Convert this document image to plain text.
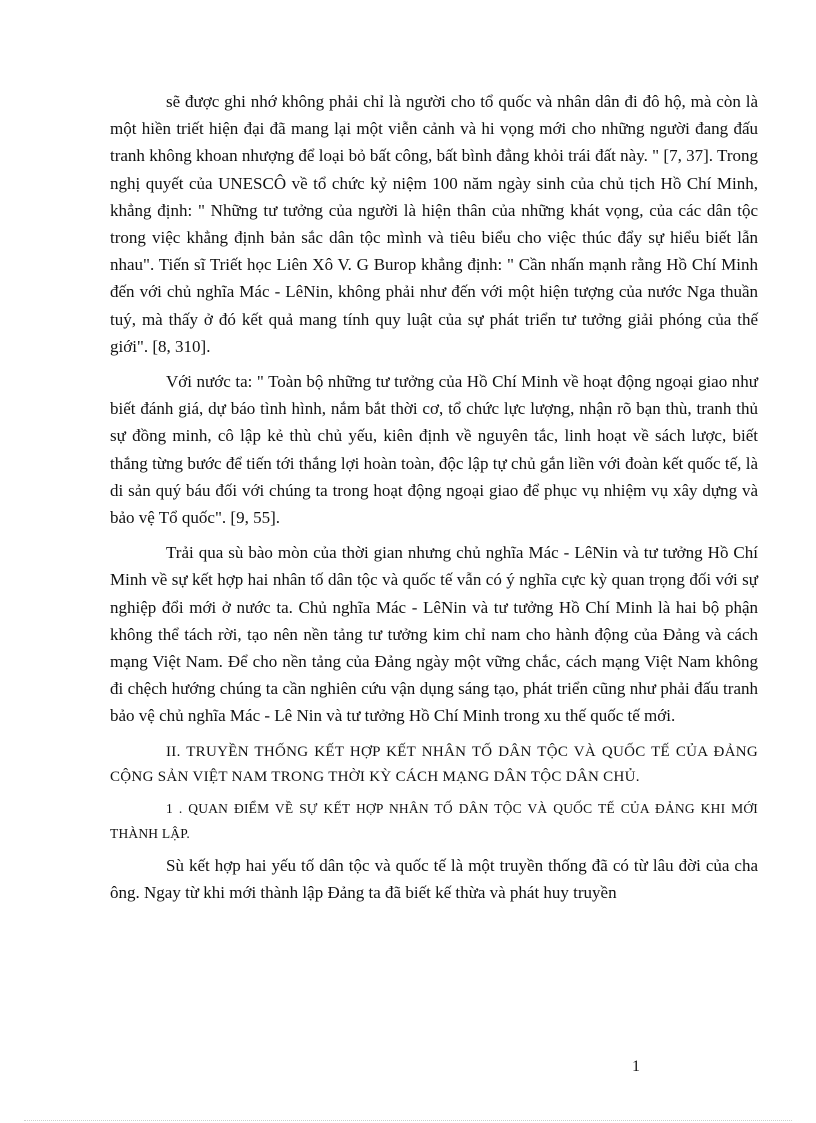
sẽ được ghi nhớ không phải chỉ là người cho tổ quốc và nhân dân đi đô hộ, mà còn là một hiền triết hiện đại đã mang lại một viễn cảnh và hi vọng mới cho những người đang đấu tranh không khoan nhượng để loại bỏ bất công, bất bình đẳng khỏi trái đất này. " [7, 37]. Trong nghị quyết của UNESCÔ về tổ chức kỷ niệm 100 năm ngày sinh của chủ tịch Hồ Chí Minh, khẳng định: " Những tư tưởng của người là hiện thân của những khát vọng, của các dân tộc trong việc khẳng định bản sắc dân tộc mình và tiêu biểu cho việc thúc đẩy sự hiểu biết lẫn nhau". Tiến sĩ Triết học Liên Xô V. G Burop khẳng định: " Cần nhấn mạnh rằng Hồ Chí Minh đến với chủ nghĩa Mác - LêNin, không phải như đến với một hiện tượng của nước Nga thuần tuý, mà thấy ở đó kết quả mang tính quy luật của sự phát triển tư tưởng giải phóng của thế giới". [8, 310].

Với nước ta: " Toàn bộ những tư tưởng của Hồ Chí Minh về hoạt động ngoại giao như biết đánh giá, dự báo tình hình, nắm bắt thời cơ, tổ chức lực lượng, nhận rõ bạn thù, tranh thủ sự đồng minh, cô lập kẻ thù chủ yếu, kiên định về nguyên tắc, linh hoạt về sách lược, biết thắng từng bước để tiến tới thắng lợi hoàn toàn, độc lập tự chủ gắn liền với đoàn kết quốc tế, là di sản quý báu đối với chúng ta trong hoạt động ngoại giao để phục vụ nhiệm vụ xây dựng và bảo vệ Tổ quốc". [9, 55].

Trải qua sù bào mòn của thời gian nhưng chủ nghĩa Mác - LêNin và tư tưởng Hồ Chí Minh về sự kết hợp hai nhân tố dân tộc và quốc tế vẫn có ý nghĩa cực kỳ quan trọng đối với sự nghiệp đổi mới ở nước ta. Chủ nghĩa Mác - LêNin và tư tưởng Hồ Chí Minh là hai bộ phận không thể tách rời, tạo nên nền tảng tư tưởng kim chỉ nam cho hành động của Đảng và cách mạng Việt Nam. Để cho nền tảng của Đảng ngày một vững chắc, cách mạng Việt Nam không đi chệch hướng chúng ta cần nghiên cứu vận dụng sáng tạo, phát triển cũng như phải đấu tranh bảo vệ chủ nghĩa Mác - Lê Nin và tư tưởng Hồ Chí Minh trong xu thế quốc tế mới.

II. TRUYỀN THỐNG KẾT HỢP KẾT NHÂN TỐ DÂN TỘC VÀ QUỐC TẾ CỦA ĐẢNG CỘNG SẢN VIỆT NAM TRONG THỜI KỲ CÁCH MẠNG DÂN TỘC DÂN CHỦ.

1 . QUAN ĐIỂM VỀ SỰ KẾT HỢP NHÂN TỐ DÂN TỘC VÀ QUỐC TẾ CỦA ĐẢNG KHI MỚI THÀNH LẬP.

Sù kết hợp hai yếu tố dân tộc và quốc tế là một truyền thống đã có từ lâu đời của cha ông. Ngay từ khi mới thành lập Đảng ta đã biết kế thừa và phát huy truyền

1
